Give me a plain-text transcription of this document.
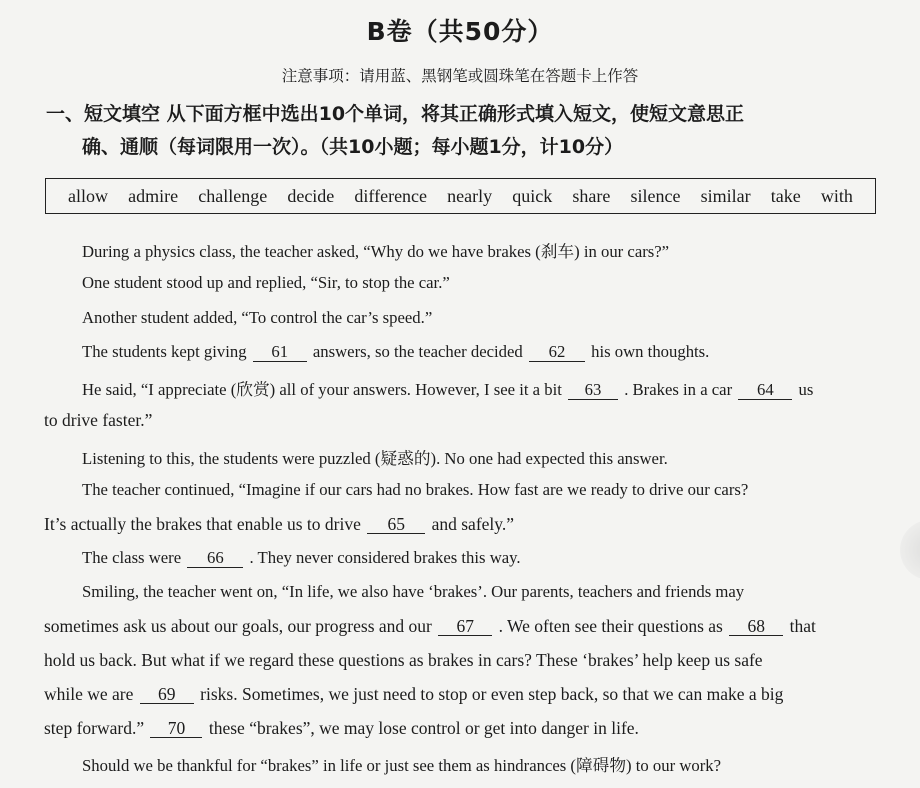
B卷（共50分）
注意事项：请用蓝、黑钢笔或圆珠笔在答题卡上作答
一、短文填空 从下面方框中选出10个单词，将其正确形式填入短文，使短文意思正
确、通顺（每词限用一次）。（共10小题；每小题1分，计10分）
allow admire challenge decide difference nearly quick share silence similar take with
During a physics class, the teacher asked, “Why do we have brakes (刹车) in our cars?”
One student stood up and replied, “Sir, to stop the car.”
Another student added, “To control the car’s speed.”
The students kept giving 61 answers, so the teacher decided 62 his own thoughts.
He said, “I appreciate (欣赏) all of your answers. However, I see it a bit 63 . Brakes in a car 64 us
to drive faster.”
Listening to this, the students were puzzled (疑惑的). No one had expected this answer.
The teacher continued, “Imagine if our cars had no brakes. How fast are we ready to drive our cars?
It’s actually the brakes that enable us to drive 65 and safely.”
The class were 66 . They never considered brakes this way.
Smiling, the teacher went on, “In life, we also have ‘brakes’. Our parents, teachers and friends may
sometimes ask us about our goals, our progress and our 67 . We often see their questions as 68 that
hold us back. But what if we regard these questions as brakes in cars? These ‘brakes’ help keep us safe
while we are 69 risks. Sometimes, we just need to stop or even step back, so that we can make a big
step forward.” 70 these “brakes”, we may lose control or get into danger in life.
Should we be thankful for “brakes” in life or just see them as hindrances (障碍物) to our work?
